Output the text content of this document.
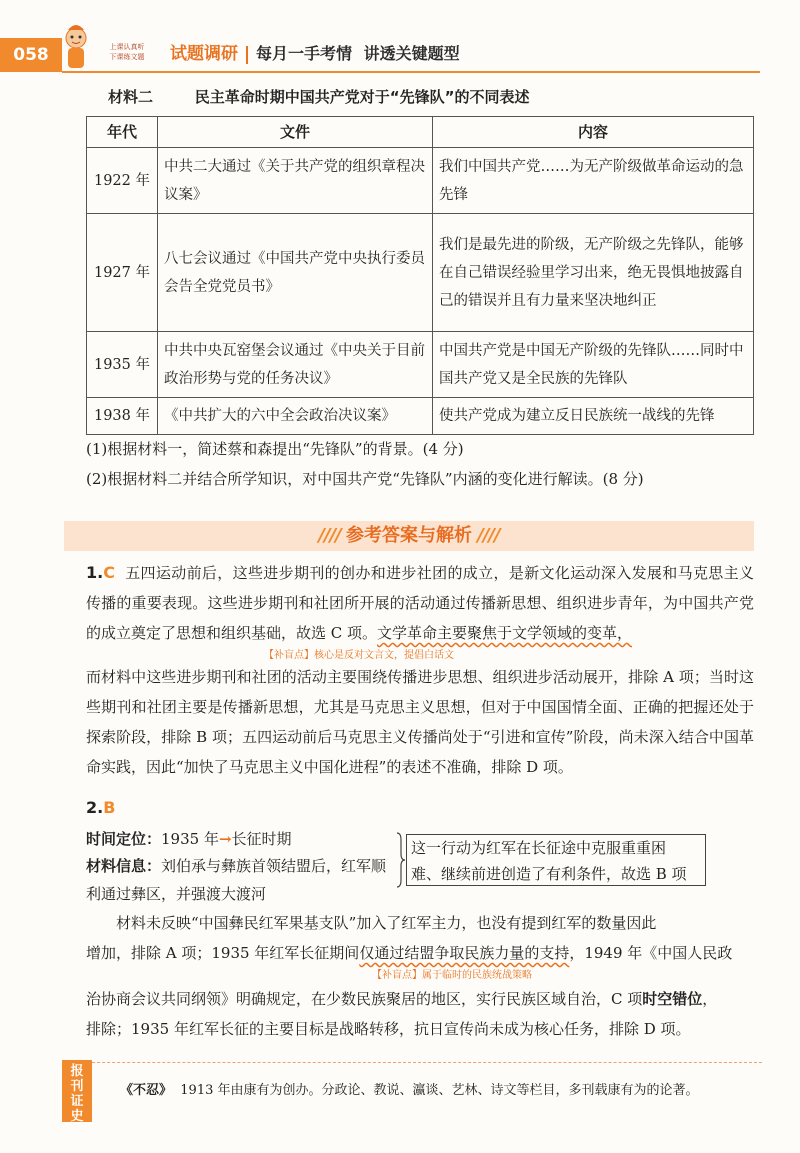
058	上课认真听
下课练文题	试题调研 每月一手考情 讲透关键题型
材料二	民主革命时期中国共产党对于“先锋队”的不同表述
年代	文件	内容
1922 年	中共二大通过《关于共产党的组织章程决议案》	我们中国共产党……为无产阶级做革命运动的急先锋
1927 年	八七会议通过《中国共产党中央执行委员会告全党党员书》	我们是最先进的阶级，无产阶级之先锋队，能够在自己错误经验里学习出来，绝无畏惧地披露自己的错误并且有力量来坚决地纠正
1935 年	中共中央瓦窑堡会议通过《中央关于目前政治形势与党的任务决议》	中国共产党是中国无产阶级的先锋队……同时中国共产党又是全民族的先锋队
1938 年	《中共扩大的六中全会政治决议案》	使共产党成为建立反日民族统一战线的先锋
(1)根据材料一，简述蔡和森提出“先锋队”的背景。(4 分)
(2)根据材料二并结合所学知识，对中国共产党“先锋队”内涵的变化进行解读。(8 分)
//// 参考答案与解析 ////
1.C 五四运动前后，这些进步期刊的创办和进步社团的成立，是新文化运动深入发展和马克思主义传播的重要表现。这些进步期刊和社团所开展的活动通过传播新思想、组织进步青年，为中国共产党的成立奠定了思想和组织基础，故选 C 项。文学革命主要聚焦于文学领域的变革，
【补盲点】核心是反对文言文，提倡白话文
而材料中这些进步期刊和社团的活动主要围绕传播进步思想、组织进步活动展开，排除 A 项；当时这些期刊和社团主要是传播新思想，尤其是马克思主义思想，但对于中国国情全面、正确的把握还处于探索阶段，排除 B 项；五四运动前后马克思主义传播尚处于“引进和宣传”阶段，尚未深入结合中国革命实践，因此“加快了马克思主义中国化进程”的表述不准确，排除 D 项。
2.B
时间定位：1935 年→长征时期
材料信息：刘伯承与彝族首领结盟后，红军顺
利通过彝区，并强渡大渡河
这一行动为红军在长征途中克服重重困
难、继续前进创造了有利条件，故选 B 项
材料未反映“中国彝民红军果基支队”加入了红军主力，也没有提到红军的数量因此
增加，排除 A 项；1935 年红军长征期间仅通过结盟争取民族力量的支持，1949 年《中国人民政
【补盲点】属于临时的民族统战策略
治协商会议共同纲领》明确规定，在少数民族聚居的地区，实行民族区域自治，C 项时空错位，
排除；1935 年红军长征的主要目标是战略转移，抗日宣传尚未成为核心任务，排除 D 项。
报刊证史
《不忍》 1913 年由康有为创办。分政论、教说、瀛谈、艺林、诗文等栏目，多刊载康有为的论著。
